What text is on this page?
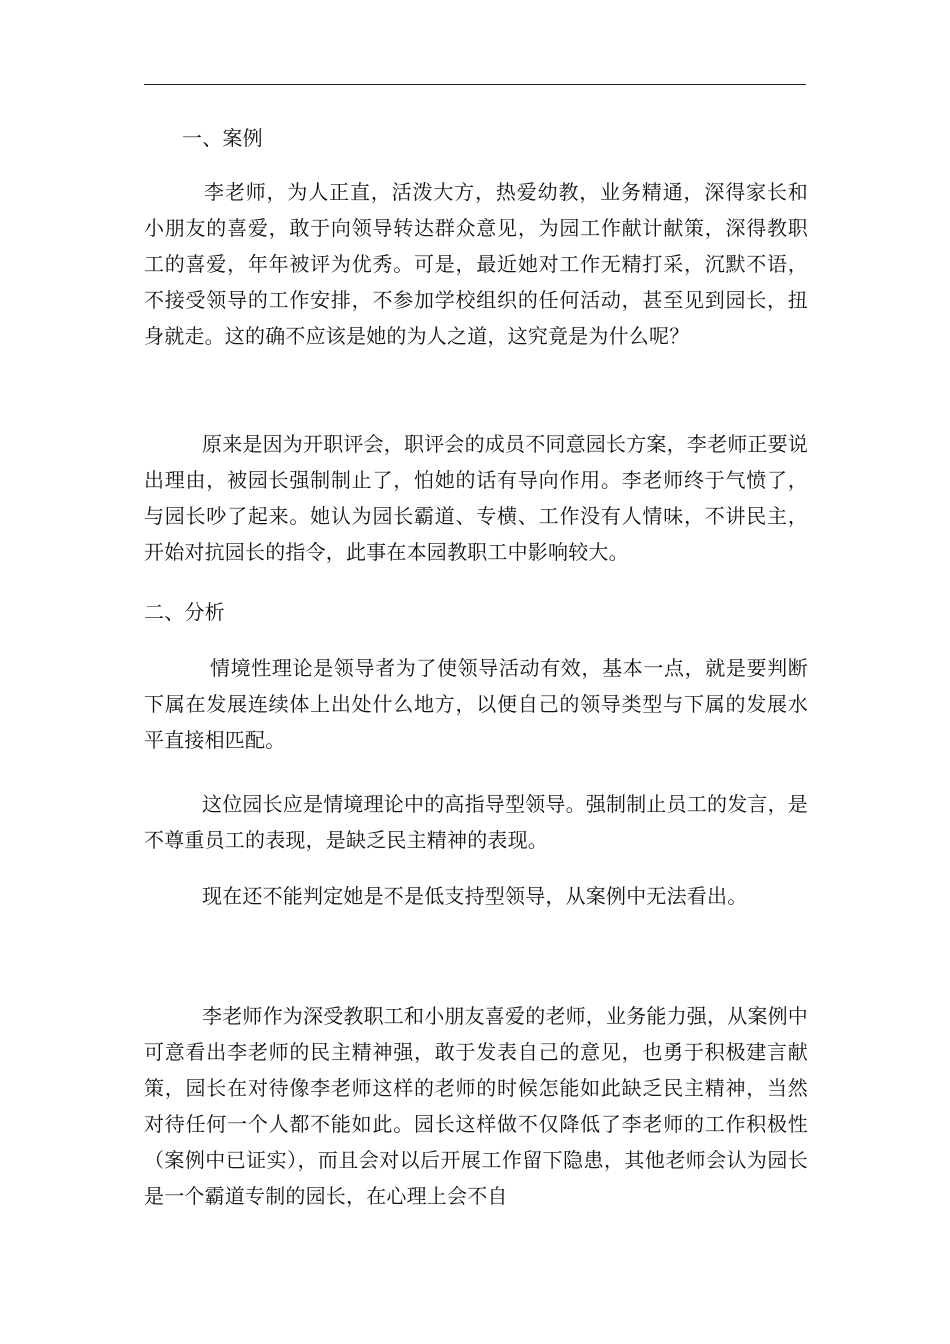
一、案例

李老师，为人正直，活泼大方，热爱幼教，业务精通，深得家长和小朋友的喜爱，敢于向领导转达群众意见，为园工作献计献策，深得教职工的喜爱，年年被评为优秀。可是，最近她对工作无精打采，沉默不语，不接受领导的工作安排，不参加学校组织的任何活动，甚至见到园长，扭身就走。这的确不应该是她的为人之道，这究竟是为什么呢？

原来是因为开职评会，职评会的成员不同意园长方案，李老师正要说出理由，被园长强制制止了，怕她的话有导向作用。李老师终于气愤了，与园长吵了起来。她认为园长霸道、专横、工作没有人情味，不讲民主，开始对抗园长的指令，此事在本园教职工中影响较大。

二、分析

情境性理论是领导者为了使领导活动有效，基本一点，就是要判断下属在发展连续体上出处什么地方，以便自己的领导类型与下属的发展水平直接相匹配。

这位园长应是情境理论中的高指导型领导。强制制止员工的发言，是不尊重员工的表现，是缺乏民主精神的表现。

现在还不能判定她是不是低支持型领导，从案例中无法看出。

李老师作为深受教职工和小朋友喜爱的老师，业务能力强，从案例中可意看出李老师的民主精神强，敢于发表自己的意见，也勇于积极建言献策，园长在对待像李老师这样的老师的时候怎能如此缺乏民主精神，当然对待任何一个人都不能如此。园长这样做不仅降低了李老师的工作积极性（案例中已证实），而且会对以后开展工作留下隐患，其他老师会认为园长是一个霸道专制的园长，在心理上会不自
